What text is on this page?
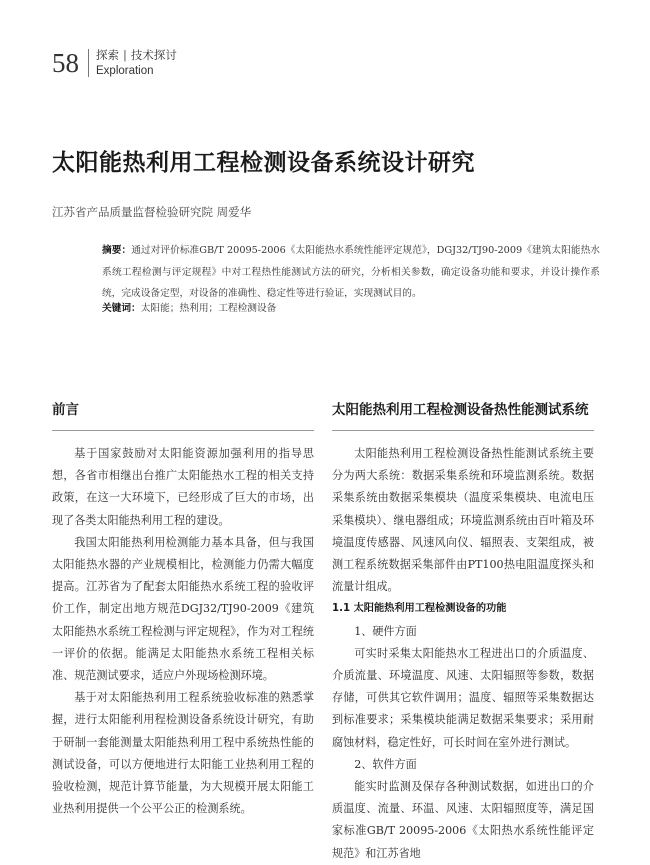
58 探索 | 技术探讨
Exploration
太阳能热利用工程检测设备系统设计研究
江苏省产品质量监督检验研究院 周爱华

摘要：通过对评价标准GB/T 20095-2006《太阳能热水系统性能评定规范》，DGJ32/TJ90-2009《建筑太阳能热水系统工程检测与评定规程》中对工程热性能测试方法的研究，分析相关参数，确定设备功能和要求，并设计操作系统，完成设备定型，对设备的准确性、稳定性等进行验证，实现测试目的。

关键词：太阳能；热利用；工程检测设备

前言

基于国家鼓励对太阳能资源加强利用的指导思想，各省市相继出台推广太阳能热水工程的相关支持政策，在这一大环境下，已经形成了巨大的市场，出现了各类太阳能热利用工程的建设。

我国太阳能热利用检测能力基本具备，但与我国太阳能热水器的产业规模相比，检测能力仍需大幅度提高。江苏省为了配套太阳能热水系统工程的验收评价工作，制定出地方规范DGJ32/TJ90-2009《建筑太阳能热水系统工程检测与评定规程》，作为对工程统一评价的依据。能满足太阳能热水系统工程相关标准、规范测试要求，适应户外现场检测环境。

基于对太阳能热利用工程系统验收标准的熟悉掌握，进行太阳能利用程检测设备系统设计研究，有助于研制一套能测量太阳能热利用工程中系统热性能的测试设备，可以方便地进行太阳能工业热利用工程的验收检测，规范计算节能量，为大规模开展太阳能工业热利用提供一个公平公正的检测系统。

太阳能热利用工程检测设备热性能测试系统

太阳能热利用工程检测设备热性能测试系统主要分为两大系统：数据采集系统和环境监测系统。数据采集系统由数据采集模块（温度采集模块、电流电压采集模块）、继电器组成；环境监测系统由百叶箱及环境温度传感器、风速风向仪、辐照表、支架组成，被测工程系统数据采集部件由PT100热电阻温度探头和流量计组成。

1.1 太阳能热利用工程检测设备的功能

1、硬件方面

可实时采集太阳能热水工程进出口的介质温度、介质流量、环境温度、风速、太阳辐照等参数，数据存储，可供其它软件调用；温度、辐照等采集数据达到标准要求；采集模块能满足数据采集要求；采用耐腐蚀材料，稳定性好，可长时间在室外进行测试。

2、软件方面

能实时监测及保存各种测试数据，如进出口的介质温度、流量、环温、风速、太阳辐照度等，满足国家标准GB/T 20095-2006《太阳热水系统性能评定规范》和江苏省地
